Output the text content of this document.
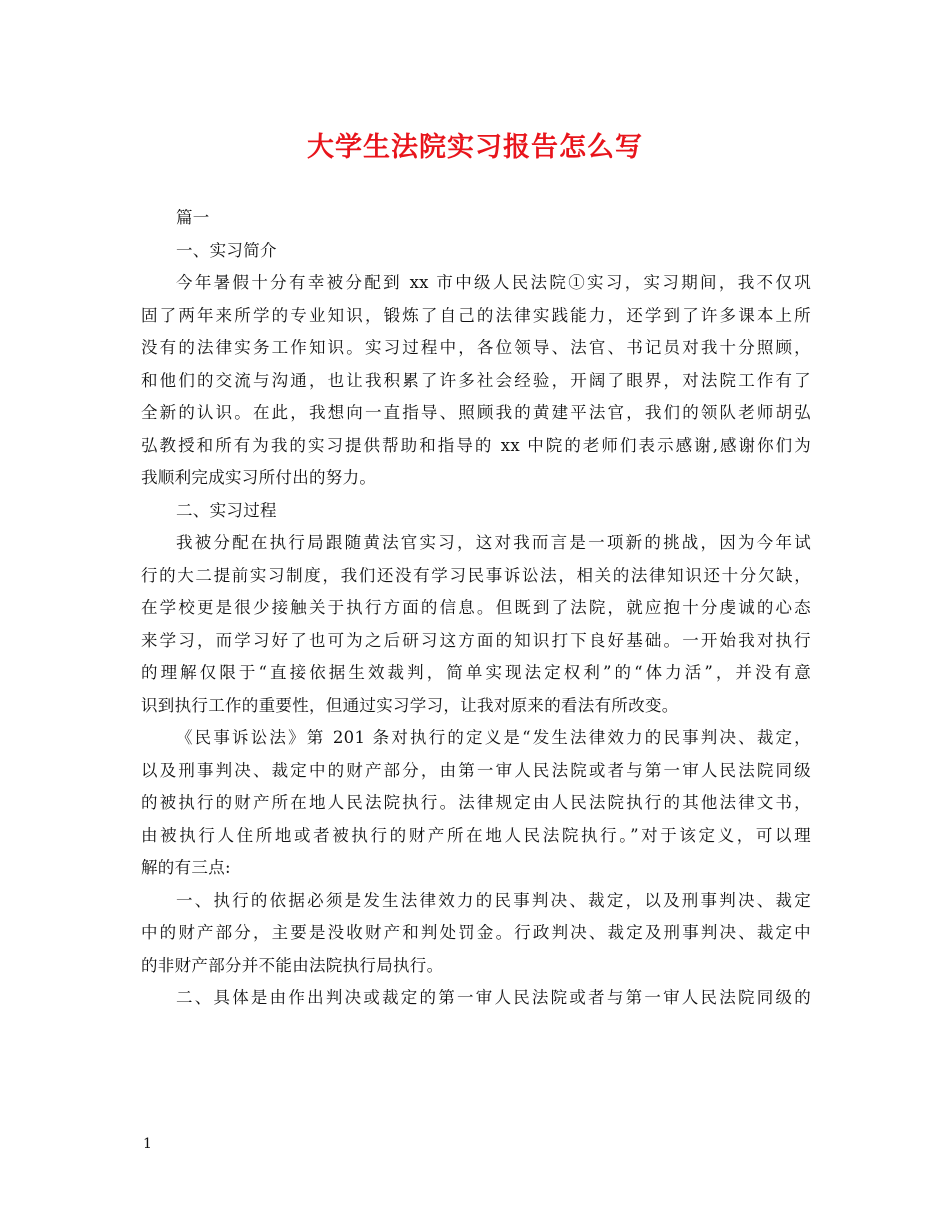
大学生法院实习报告怎么写
篇一
一、实习简介
今年暑假十分有幸被分配到 xx 市中级人民法院①实习，实习期间，我不仅巩
固了两年来所学的专业知识，锻炼了自己的法律实践能力，还学到了许多课本上所
没有的法律实务工作知识。实习过程中，各位领导、法官、书记员对我十分照顾，
和他们的交流与沟通，也让我积累了许多社会经验，开阔了眼界，对法院工作有了
全新的认识。在此，我想向一直指导、照顾我的黄建平法官，我们的领队老师胡弘
弘教授和所有为我的实习提供帮助和指导的 xx 中院的老师们表示感谢,感谢你们为
我顺利完成实习所付出的努力。
二、实习过程
我被分配在执行局跟随黄法官实习，这对我而言是一项新的挑战，因为今年试
行的大二提前实习制度，我们还没有学习民事诉讼法，相关的法律知识还十分欠缺，
在学校更是很少接触关于执行方面的信息。但既到了法院，就应抱十分虔诚的心态
来学习，而学习好了也可为之后研习这方面的知识打下良好基础。一开始我对执行
的理解仅限于“直接依据生效裁判，简单实现法定权利”的“体力活”，并没有意
识到执行工作的重要性，但通过实习学习，让我对原来的看法有所改变。
《民事诉讼法》第 201 条对执行的定义是“发生法律效力的民事判决、裁定，
以及刑事判决、裁定中的财产部分，由第一审人民法院或者与第一审人民法院同级
的被执行的财产所在地人民法院执行。法律规定由人民法院执行的其他法律文书，
由被执行人住所地或者被执行的财产所在地人民法院执行。”对于该定义，可以理
解的有三点:
一、执行的依据必须是发生法律效力的民事判决、裁定，以及刑事判决、裁定
中的财产部分，主要是没收财产和判处罚金。行政判决、裁定及刑事判决、裁定中
的非财产部分并不能由法院执行局执行。
二、具体是由作出判决或裁定的第一审人民法院或者与第一审人民法院同级的
1
